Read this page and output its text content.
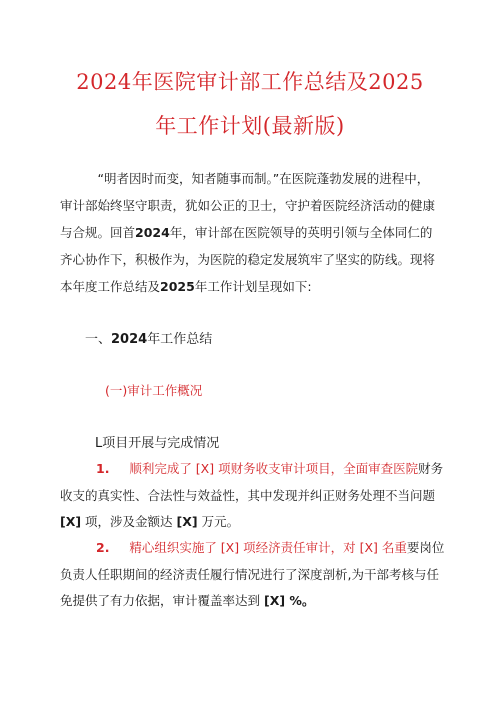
2024年医院审计部工作总结及2025
年工作计划(最新版)
“明者因时而变，知者随事而制。”在医院蓬勃发展的进程中，审计部始终坚守职责，犹如公正的卫士，守护着医院经济活动的健康与合规。回首2024年，审计部在医院领导的英明引领与全体同仁的齐心协作下，积极作为，为医院的稳定发展筑牢了坚实的防线。现将本年度工作总结及2025年工作计划呈现如下:
一、2024年工作总结
(一)审计工作概况
L项目开展与完成情况
1. 顺利完成了 [X] 项财务收支审计项目，全面审查医院财务收支的真实性、合法性与效益性，其中发现并纠正财务处理不当问题 [X] 项，涉及金额达 [X] 万元。
2. 精心组织实施了 [X] 项经济责任审计，对 [X] 名重要岗位负责人任职期间的经济责任履行情况进行了深度剖析,为干部考核与任免提供了有力依据，审计覆盖率达到 [X] %。
